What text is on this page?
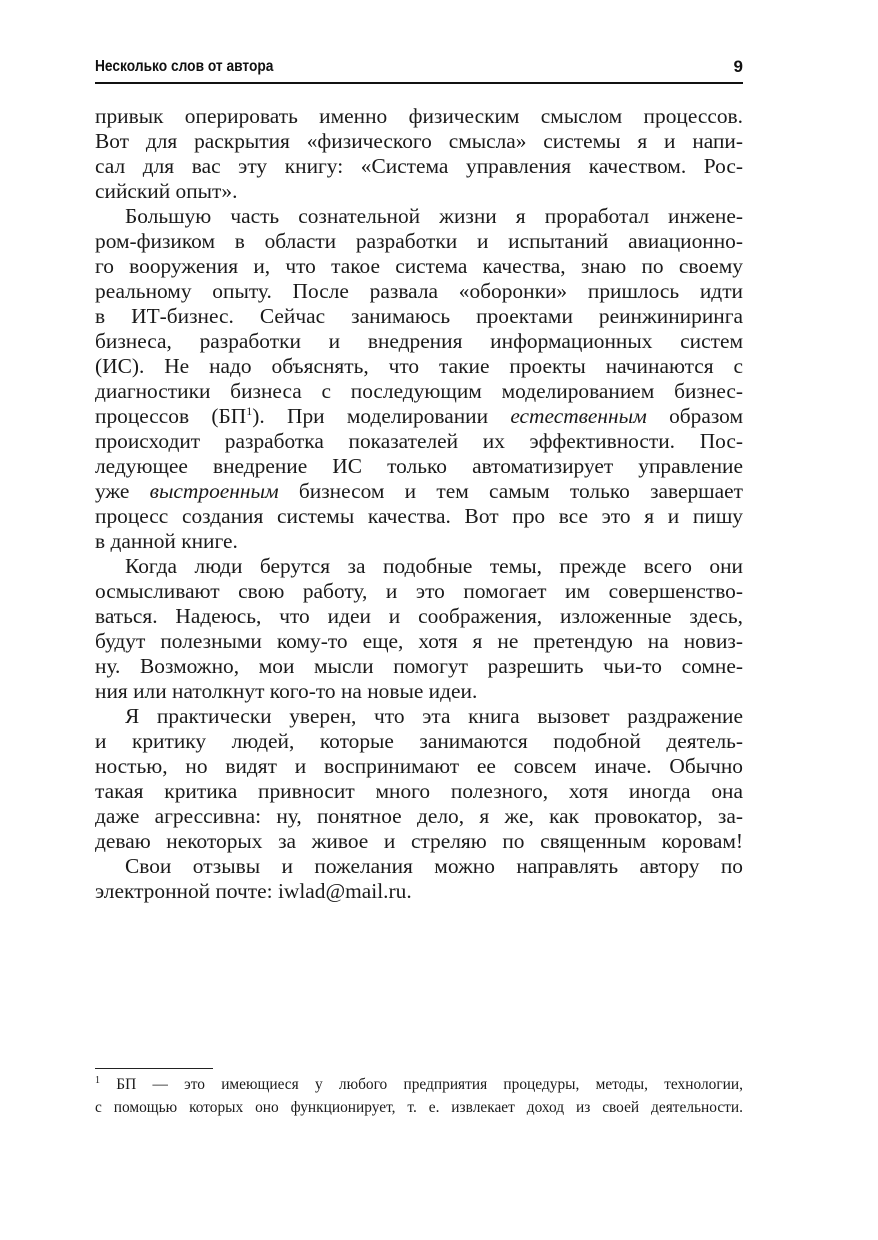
Несколько слов от автора	9
привык оперировать именно физическим смыслом процессов.
Вот для раскрытия «физического смысла» системы я и напи-
сал для вас эту книгу: «Система управления качеством. Рос-
сийский опыт».
Большую часть сознательной жизни я проработал инжене-
ром-физиком в области разработки и испытаний авиационно-
го вооружения и, что такое система качества, знаю по своему
реальному опыту. После развала «оборонки» пришлось идти
в ИТ-бизнес. Сейчас занимаюсь проектами реинжиниринга
бизнеса, разработки и внедрения информационных систем
(ИС). Не надо объяснять, что такие проекты начинаются с
диагностики бизнеса с последующим моделированием бизнес-
процессов $(БП^1)$. При моделировании естественным образом
происходит разработка показателей их эффективности. Пос-
ледующее внедрение ИС только автоматизирует управление
уже выстроенным бизнесом и тем самым только завершает
процесс создания системы качества. Вот про все это я и пишу
в данной книге.
Когда люди берутся за подобные темы, прежде всего они
осмысливают свою работу, и это помогает им совершенство-
ваться. Надеюсь, что идеи и соображения, изложенные здесь,
будут полезными кому-то еще, хотя я не претендую на новиз-
ну. Возможно, мои мысли помогут разрешить чьи-то сомне-
ния или натолкнут кого-то на новые идеи.
Я практически уверен, что эта книга вызовет раздражение
и критику людей, которые занимаются подобной деятель-
ностью, но видят и воспринимают ее совсем иначе. Обычно
такая критика привносит много полезного, хотя иногда она
даже агрессивна: ну, понятное дело, я же, как провокатор, за-
деваю некоторых за живое и стреляю по священным коровам!
Свои отзывы и пожелания можно направлять автору по
электронной почте: iwlad@mail.ru.
$^1$ БП — это имеющиеся у любого предприятия процедуры, методы, технологии,
с помощью которых оно функционирует, т. е. извлекает доход из своей деятельности.
